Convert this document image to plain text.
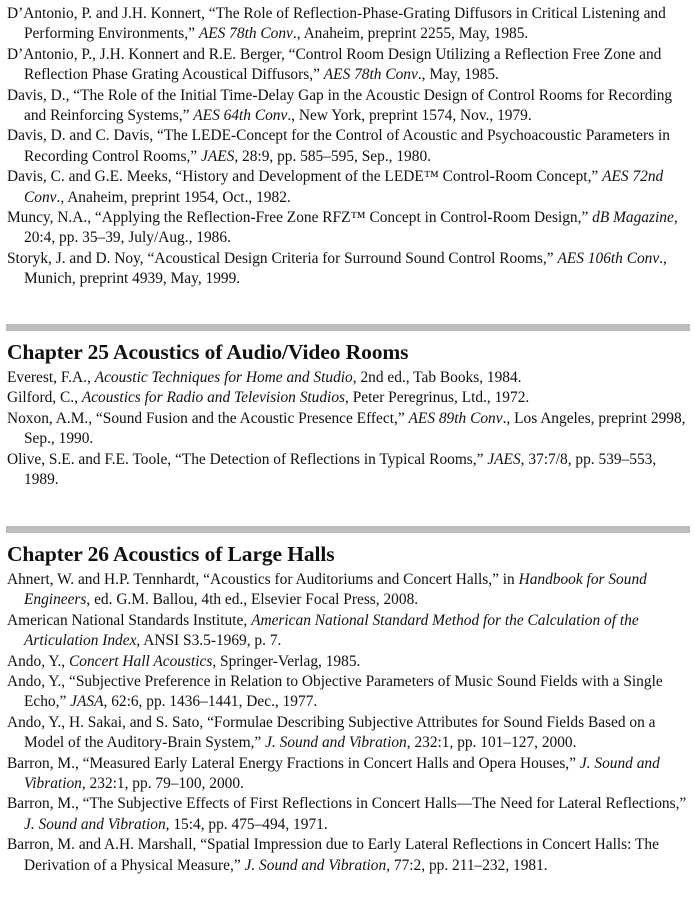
D’Antonio, P. and J.H. Konnert, “The Role of Reflection-Phase-Grating Diffusors in Critical Listening and Performing Environments,” AES 78th Conv., Anaheim, preprint 2255, May, 1985.
D’Antonio, P., J.H. Konnert and R.E. Berger, “Control Room Design Utilizing a Reflection Free Zone and Reflection Phase Grating Acoustical Diffusors,” AES 78th Conv., May, 1985.
Davis, D., “The Role of the Initial Time-Delay Gap in the Acoustic Design of Control Rooms for Recording and Reinforcing Systems,” AES 64th Conv., New York, preprint 1574, Nov., 1979.
Davis, D. and C. Davis, “The LEDE-Concept for the Control of Acoustic and Psychoacoustic Parameters in Recording Control Rooms,” JAES, 28:9, pp. 585–595, Sep., 1980.
Davis, C. and G.E. Meeks, “History and Development of the LEDE™ Control-Room Concept,” AES 72nd Conv., Anaheim, preprint 1954, Oct., 1982.
Muncy, N.A., “Applying the Reflection-Free Zone RFZ™ Concept in Control-Room Design,” dB Magazine, 20:4, pp. 35–39, July/Aug., 1986.
Storyk, J. and D. Noy, “Acoustical Design Criteria for Surround Sound Control Rooms,” AES 106th Conv., Munich, preprint 4939, May, 1999.
Chapter 25 Acoustics of Audio/Video Rooms
Everest, F.A., Acoustic Techniques for Home and Studio, 2nd ed., Tab Books, 1984.
Gilford, C., Acoustics for Radio and Television Studios, Peter Peregrinus, Ltd., 1972.
Noxon, A.M., “Sound Fusion and the Acoustic Presence Effect,” AES 89th Conv., Los Angeles, preprint 2998, Sep., 1990.
Olive, S.E. and F.E. Toole, “The Detection of Reflections in Typical Rooms,” JAES, 37:7/8, pp. 539–553, 1989.
Chapter 26 Acoustics of Large Halls
Ahnert, W. and H.P. Tennhardt, “Acoustics for Auditoriums and Concert Halls,” in Handbook for Sound Engineers, ed. G.M. Ballou, 4th ed., Elsevier Focal Press, 2008.
American National Standards Institute, American National Standard Method for the Calculation of the Articulation Index, ANSI S3.5-1969, p. 7.
Ando, Y., Concert Hall Acoustics, Springer-Verlag, 1985.
Ando, Y., “Subjective Preference in Relation to Objective Parameters of Music Sound Fields with a Single Echo,” JASA, 62:6, pp. 1436–1441, Dec., 1977.
Ando, Y., H. Sakai, and S. Sato, “Formulae Describing Subjective Attributes for Sound Fields Based on a Model of the Auditory-Brain System,” J. Sound and Vibration, 232:1, pp. 101–127, 2000.
Barron, M., “Measured Early Lateral Energy Fractions in Concert Halls and Opera Houses,” J. Sound and Vibration, 232:1, pp. 79–100, 2000.
Barron, M., “The Subjective Effects of First Reflections in Concert Halls—The Need for Lateral Reflections,” J. Sound and Vibration, 15:4, pp. 475–494, 1971.
Barron, M. and A.H. Marshall, “Spatial Impression due to Early Lateral Reflections in Concert Halls: The Derivation of a Physical Measure,” J. Sound and Vibration, 77:2, pp. 211–232, 1981.
